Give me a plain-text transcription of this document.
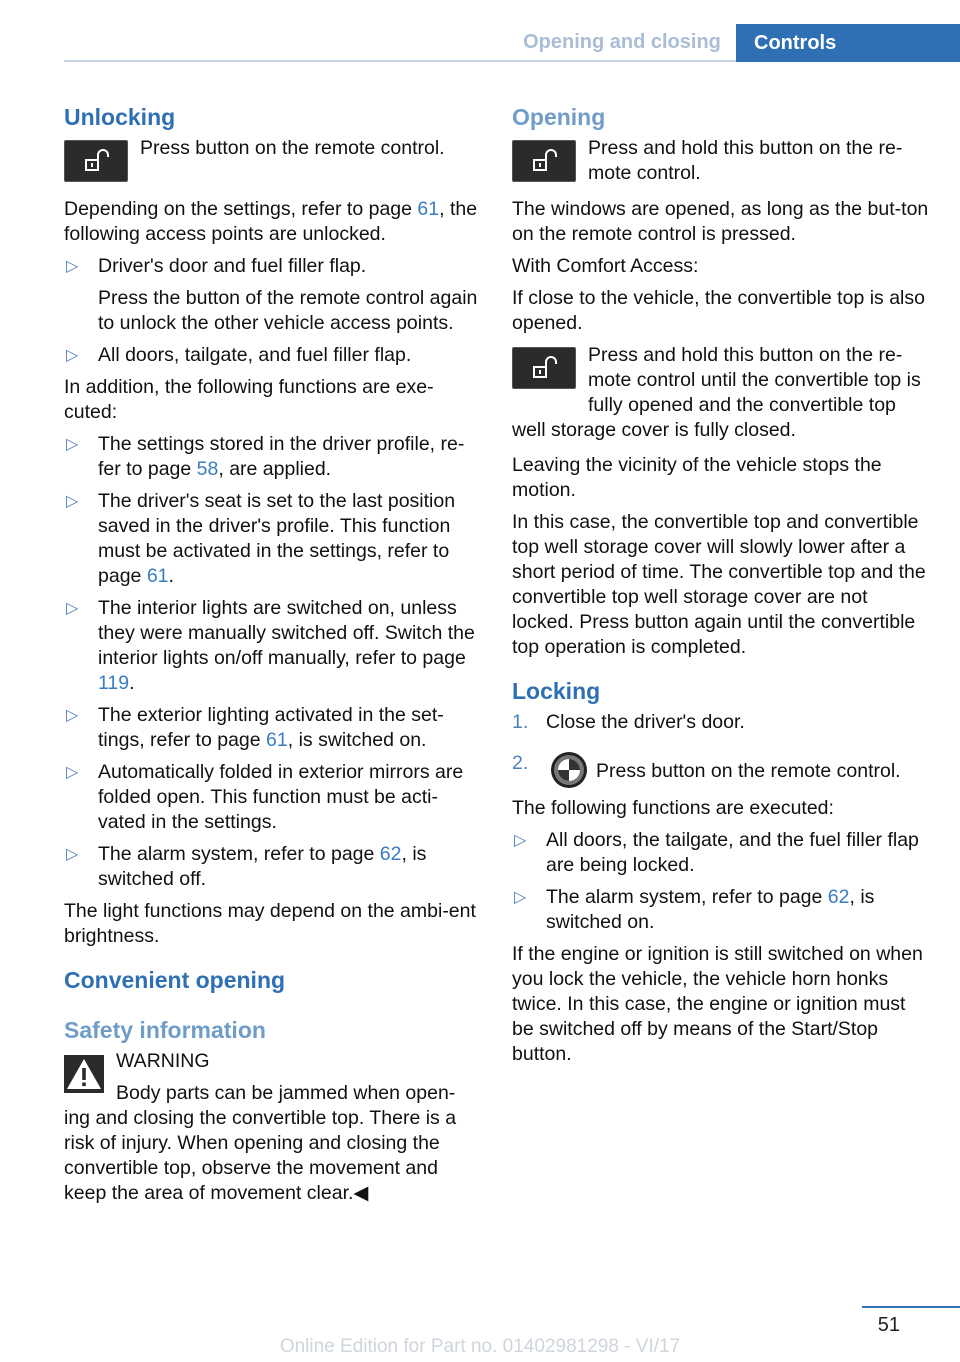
Opening and closing	Controls
Unlocking
Press button on the remote control.

Depending on the settings, refer to page 61, the following access points are unlocked.

▷ Driver's door and fuel filler flap.

Press the button of the remote control again to unlock the other vehicle access points.

▷ All doors, tailgate, and fuel filler flap.

In addition, the following functions are exe‐cuted:

▷ The settings stored in the driver profile, re‐fer to page 58, are applied.

▷ The driver's seat is set to the last position saved in the driver's profile. This function must be activated in the settings, refer to page 61.

▷ The interior lights are switched on, unless they were manually switched off. Switch the interior lights on/off manually, refer to page 119.

▷ The exterior lighting activated in the set‐tings, refer to page 61, is switched on.

▷ Automatically folded in exterior mirrors are folded open. This function must be acti‐vated in the settings.

▷ The alarm system, refer to page 62, is switched off.

The light functions may depend on the ambi‐ent brightness.

Convenient opening
Safety information

WARNING

Body parts can be jammed when open‐ing and closing the convertible top. There is a risk of injury. When opening and closing the convertible top, observe the movement and keep the area of movement clear.◀

Opening
Press and hold this button on the re‐mote control.

The windows are opened, as long as the but‐ton on the remote control is pressed.

With Comfort Access:

If close to the vehicle, the convertible top is also opened.

Press and hold this button on the re‐mote control until the convertible top is fully opened and the convertible top well storage cover is fully closed.

Leaving the vicinity of the vehicle stops the motion.

In this case, the convertible top and convertible top well storage cover will slowly lower after a short period of time. The convertible top and the convertible top well storage cover are not locked. Press button again until the convertible top operation is completed.

Locking
1. Close the driver's door.
2.	Press button on the remote control.

The following functions are executed:

▷ All doors, the tailgate, and the fuel filler flap are being locked.

▷ The alarm system, refer to page 62, is switched on.

If the engine or ignition is still switched on when you lock the vehicle, the vehicle horn honks twice. In this case, the engine or ignition must be switched off by means of the Start/Stop button.

51
Online Edition for Part no. 01402981298 - VI/17
